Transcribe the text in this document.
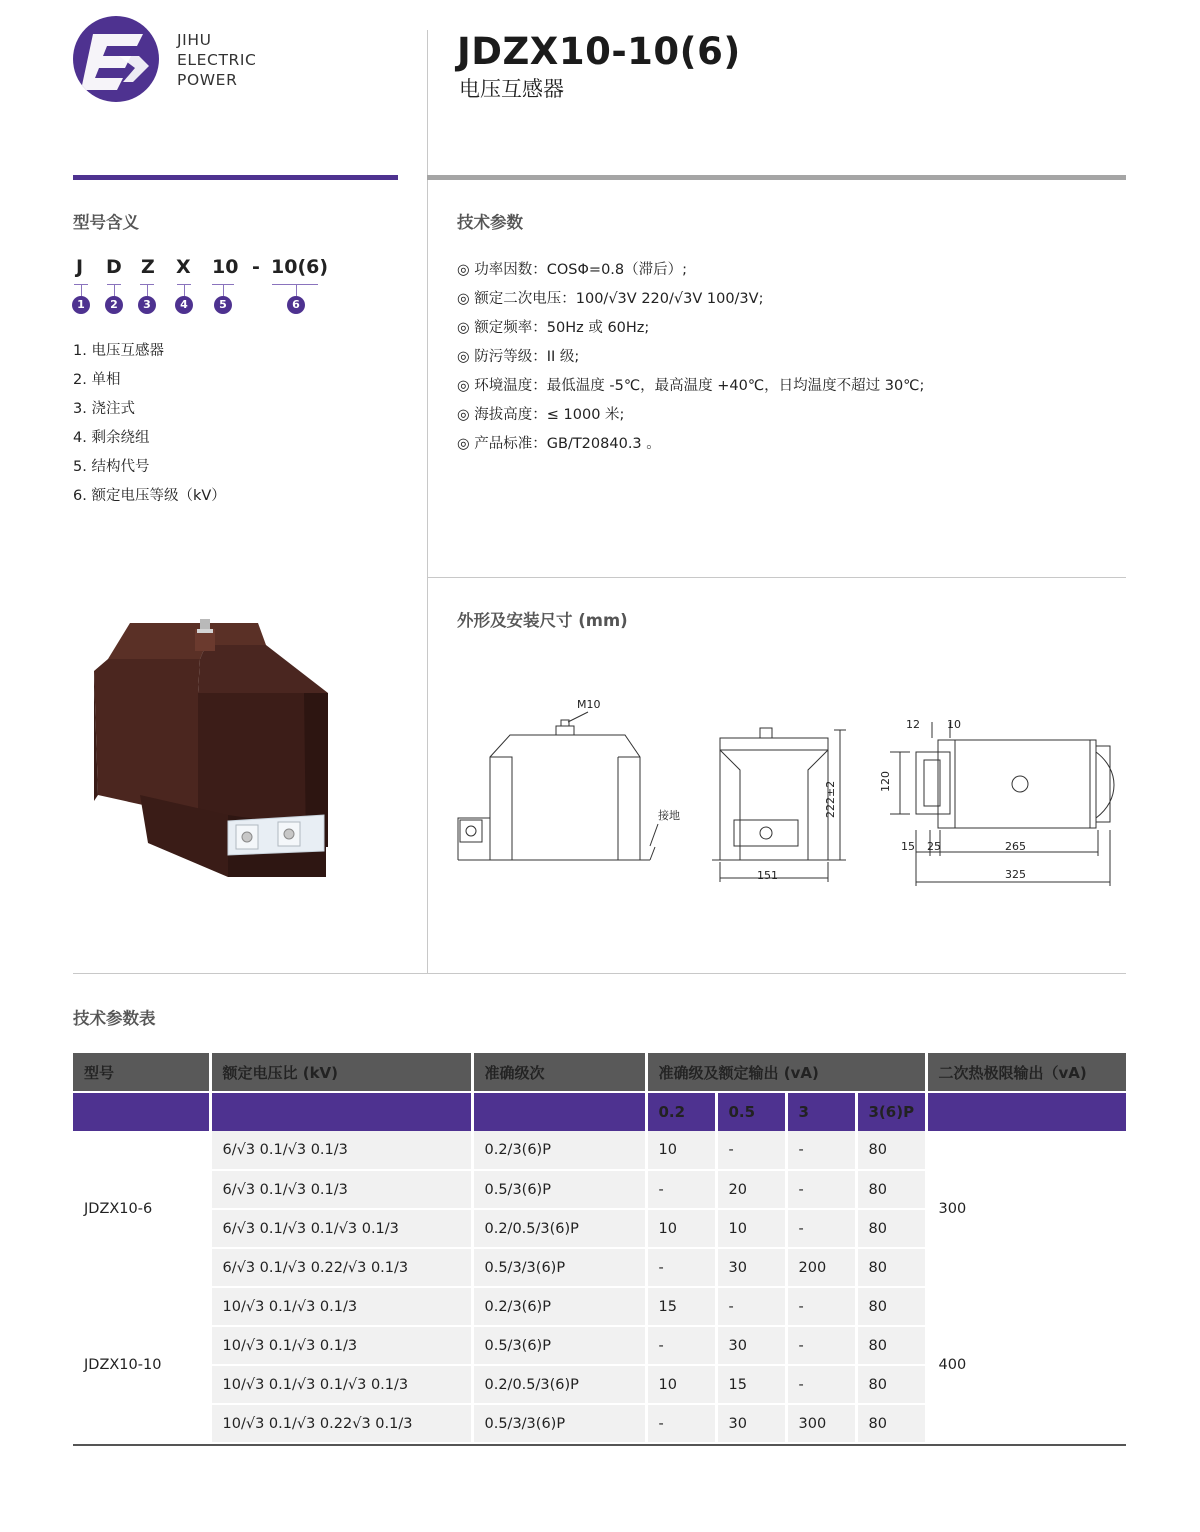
JIHU
ELECTRIC
POWER
JDZX10-10(6)
电压互感器
型号含义
J D Z X 10 - 10(6)
1	2	3	4	5	6
1. 电压互感器
2. 单相
3. 浇注式
4. 剩余绕组
5. 结构代号
6. 额定电压等级（kV）
技术参数
◎ 功率因数：COSΦ=0.8（滞后）;
◎ 额定二次电压：100/√3V 220/√3V 100/3V;
◎ 额定频率：50Hz 或 60Hz;
◎ 防污等级：II 级;
◎ 环境温度：最低温度 -5℃，最高温度 +40℃，日均温度不超过 30℃;
◎ 海拔高度：≤ 1000 米;
◎ 产品标准：GB/T20840.3 。
外形及安装尺寸 (mm)
M10
接地	222±2
151
12 10
120
15 25	265
325
技术参数表
型号	额定电压比 (kV)	准确级次	准确级及额定输出 (vA)				二次热极限输出（vA)
			0.2	0.5	3	3(6)P	
JDZX10-6	6/√3 0.1/√3 0.1/3	0.2/3(6)P	10	-	-	80	300
	6/√3 0.1/√3 0.1/3	0.5/3(6)P	-	20	-	80	
	6/√3 0.1/√3 0.1/√3 0.1/3	0.2/0.5/3(6)P	10	10	-	80	
	6/√3 0.1/√3 0.22/√3 0.1/3	0.5/3/3(6)P	-	30	200	80	
JDZX10-10	10/√3 0.1/√3 0.1/3	0.2/3(6)P	15	-	-	80	400
	10/√3 0.1/√3 0.1/3	0.5/3(6)P	-	30	-	80	
	10/√3 0.1/√3 0.1/√3 0.1/3	0.2/0.5/3(6)P	10	15	-	80	
	10/√3 0.1/√3 0.22√3 0.1/3	0.5/3/3(6)P	-	30	300	80	
